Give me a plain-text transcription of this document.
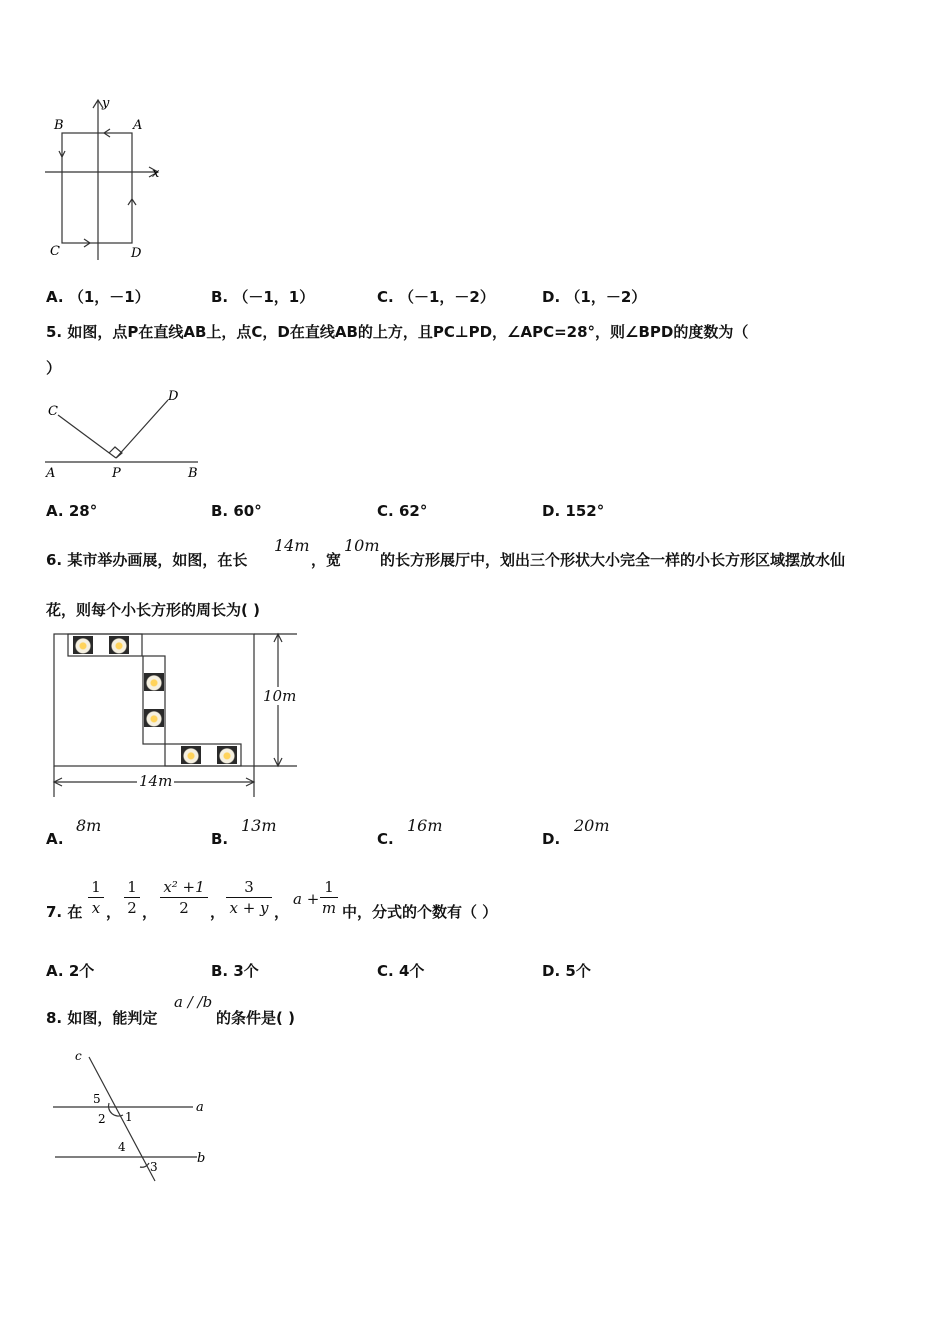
y
x
A
B
C	D
A. （1，－1）	B. （－1，1）	C. （－1，－2）	D. （1，－2）
5. 如图，点P在直线AB上，点C，D在直线AB的上方，且PC⊥PD，∠APC=28°，则∠BPD的度数为（
）
C
D
A	P	B
A. 28°	B. 60°	C. 62°	D. 152°
6. 某市举办画展，如图，在长
14m
，宽
10m
的长方形展厅中，划出三个形状大小完全一样的小长方形区域摆放水仙
花，则每个小长方形的周长为( )
10m
14m
A.
8m
B.
13m
C.
16m
D.
20m
7. 在
1
x ，
1
2 ，
x² +1
2	，
3
x + y ，
a +
1
m 中，分式的个数有（ ）
A. 2个	B. 3个	C. 4个	D. 5个
8. 如图，能判定
a / /b
的条件是( )
c
a
b
1
2
3
4
5
